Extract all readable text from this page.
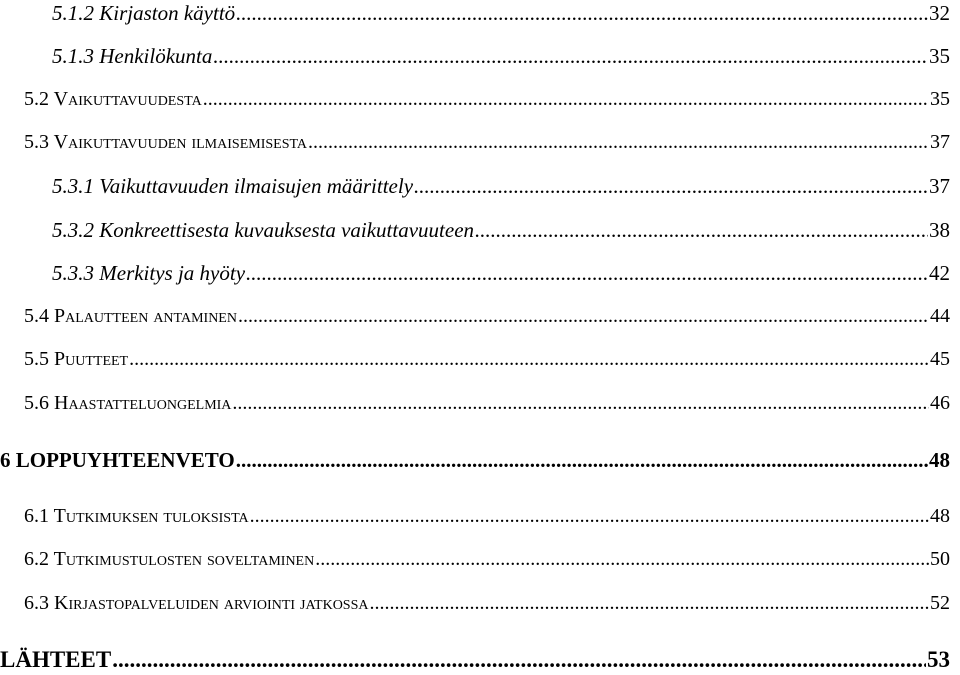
5.1.2 Kirjaston käyttö .....	32
5.1.3 Henkilökunta .....	35
5.2 Vaikuttavuudesta .....	35
5.3 Vaikuttavuuden ilmaisemisesta .....	37
5.3.1 Vaikuttavuuden ilmaisujen määrittely .....	37
5.3.2 Konkreettisesta kuvauksesta vaikuttavuuteen .....	38
5.3.3 Merkitys ja hyöty .....	42
5.4 Palautteen antaminen .....	44
5.5 Puutteet .....	45
5.6 Haastatteluongelmia .....	46
6 LOPPUYHTEENVETO .....	48
6.1 Tutkimuksen tuloksista .....	48
6.2 Tutkimustulosten soveltaminen .....	50
6.3 Kirjastopalveluiden arviointi jatkossa .....	52
LÄHTEET .....	53
